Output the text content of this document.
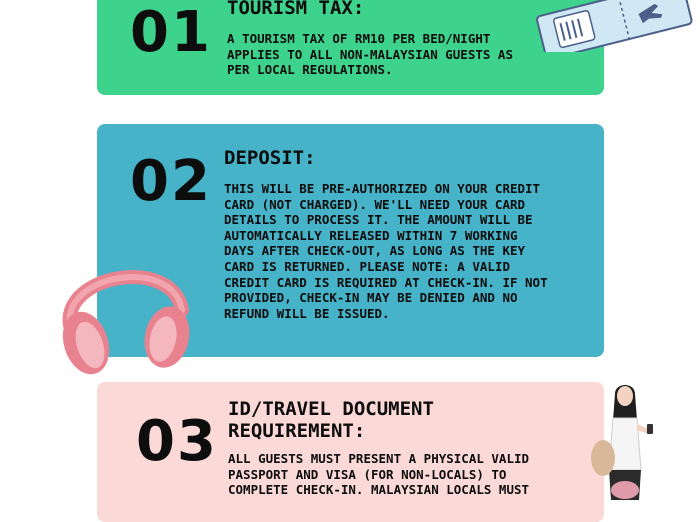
01 TOURISM TAX:
A TOURISM TAX OF RM10 PER BED/NIGHT
APPLIES TO ALL NON-MALAYSIAN GUESTS AS
PER LOCAL REGULATIONS.
02 DEPOSIT:
THIS WILL BE PRE-AUTHORIZED ON YOUR CREDIT
CARD (NOT CHARGED). WE'LL NEED YOUR CARD
DETAILS TO PROCESS IT. THE AMOUNT WILL BE
AUTOMATICALLY RELEASED WITHIN 7 WORKING
DAYS AFTER CHECK-OUT, AS LONG AS THE KEY
CARD IS RETURNED. PLEASE NOTE: A VALID
CREDIT CARD IS REQUIRED AT CHECK-IN. IF NOT
PROVIDED, CHECK-IN MAY BE DENIED AND NO
REFUND WILL BE ISSUED.
03 ID/TRAVEL DOCUMENT REQUIREMENT:
ALL GUESTS MUST PRESENT A PHYSICAL VALID
PASSPORT AND VISA (FOR NON-LOCALS) TO
COMPLETE CHECK-IN. MALAYSIAN LOCALS MUST
